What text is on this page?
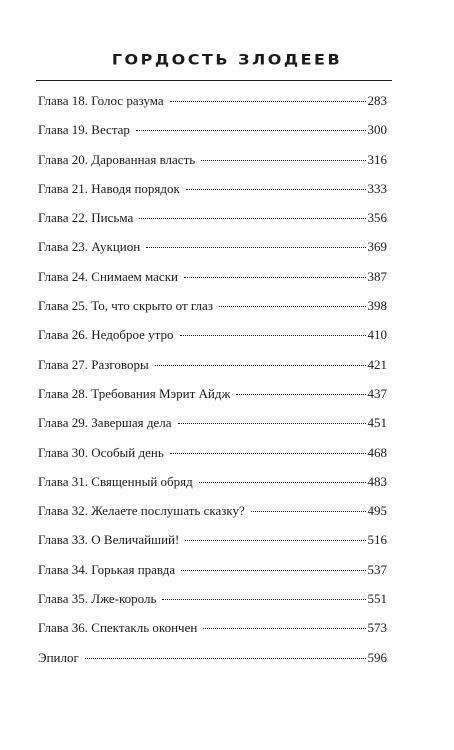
ГОРДОСТЬ ЗЛОДЕЕВ
Глава 18. Голос разума	283
Глава 19. Вестар	300
Глава 20. Дарованная власть	316
Глава 21. Наводя порядок	333
Глава 22. Письма	356
Глава 23. Аукцион	369
Глава 24. Снимаем маски	387
Глава 25. То, что скрыто от глаз	398
Глава 26. Недоброе утро	410
Глава 27. Разговоры	421
Глава 28. Требования Мэрит Айдж	437
Глава 29. Завершая дела	451
Глава 30. Особый день	468
Глава 31. Священный обряд	483
Глава 32. Желаете послушать сказку?	495
Глава 33. О Величайший!	516
Глава 34. Горькая правда	537
Глава 35. Лже-король	551
Глава 36. Спектакль окончен	573
Эпилог	596
